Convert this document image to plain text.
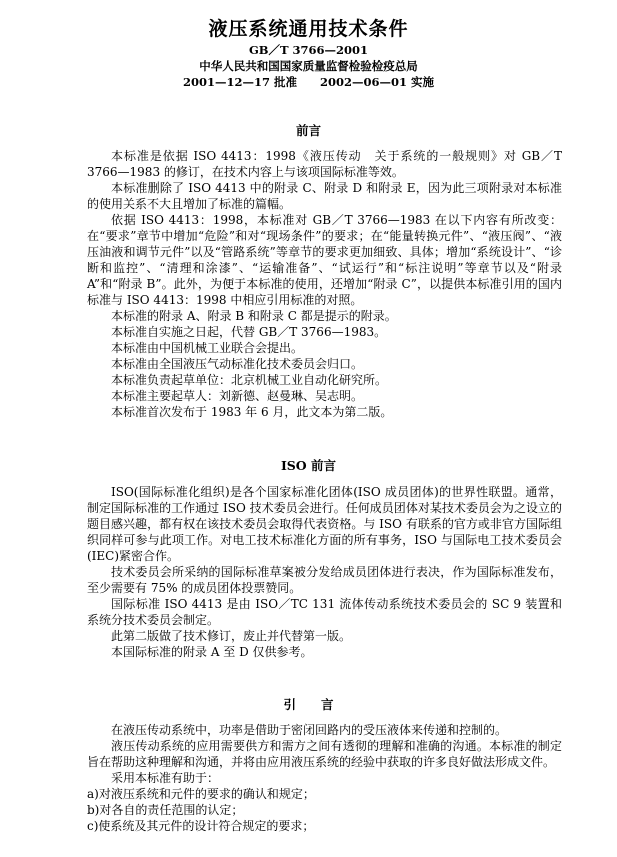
液压系统通用技术条件
GB／T 3766—2001
中华人民共和国国家质量监督检验检疫总局
2001—12—17 批准　　2002—06—01 实施
前言

本标准是依据 ISO 4413：1998《液压传动　关于系统的一般规则》对 GB／T 3766—1983 的修订，在技术内容上与该项国际标准等效。

本标准删除了 ISO 4413 中的附录 C、附录 D 和附录 E，因为此三项附录对本标准的使用关系不大且增加了标准的篇幅。

依据 ISO 4413：1998，本标准对 GB／T 3766—1983 在以下内容有所改变：在“要求”章节中增加“危险”和对“现场条件”的要求；在“能量转换元件”、“液压阀”、“液压油液和调节元件”以及“管路系统”等章节的要求更加细致、具体；增加“系统设计”、“诊断和监控”、“清理和涂漆”、“运输准备”、“试运行”和“标注说明”等章节以及“附录 A”和“附录 B”。此外，为便于本标准的使用，还增加“附录 C”，以提供本标准引用的国内标准与 ISO 4413：1998 中相应引用标准的对照。

本标准的附录 A、附录 B 和附录 C 都是提示的附录。

本标准自实施之日起，代替 GB／T 3766—1983。

本标准由中国机械工业联合会提出。

本标准由全国液压气动标准化技术委员会归口。

本标准负责起草单位：北京机械工业自动化研究所。

本标准主要起草人：刘新德、赵曼琳、吴志明。

本标准首次发布于 1983 年 6 月，此文本为第二版。

ISO 前言

ISO(国际标准化组织)是各个国家标准化团体(ISO 成员团体)的世界性联盟。通常，制定国际标准的工作通过 ISO 技术委员会进行。任何成员团体对某技术委员会为之设立的题目感兴趣，都有权在该技术委员会取得代表资格。与 ISO 有联系的官方或非官方国际组织同样可参与此项工作。对电工技术标准化方面的所有事务，ISO 与国际电工技术委员会(IEC)紧密合作。

技术委员会所采纳的国际标准草案被分发给成员团体进行表决，作为国际标准发布，至少需要有 75% 的成员团体投票赞同。

国际标准 ISO 4413 是由 ISO／TC 131 流体传动系统技术委员会的 SC 9 装置和系统分技术委员会制定。

此第二版做了技术修订，废止并代替第一版。

本国际标准的附录 A 至 D 仅供参考。

引　　言

在液压传动系统中，功率是借助于密闭回路内的受压液体来传递和控制的。

液压传动系统的应用需要供方和需方之间有透彻的理解和准确的沟通。本标准的制定旨在帮助这种理解和沟通，并将由应用液压系统的经验中获取的许多良好做法形成文件。

采用本标准有助于：

a)对液压系统和元件的要求的确认和规定；

b)对各自的责任范围的认定；

c)使系统及其元件的设计符合规定的要求；
